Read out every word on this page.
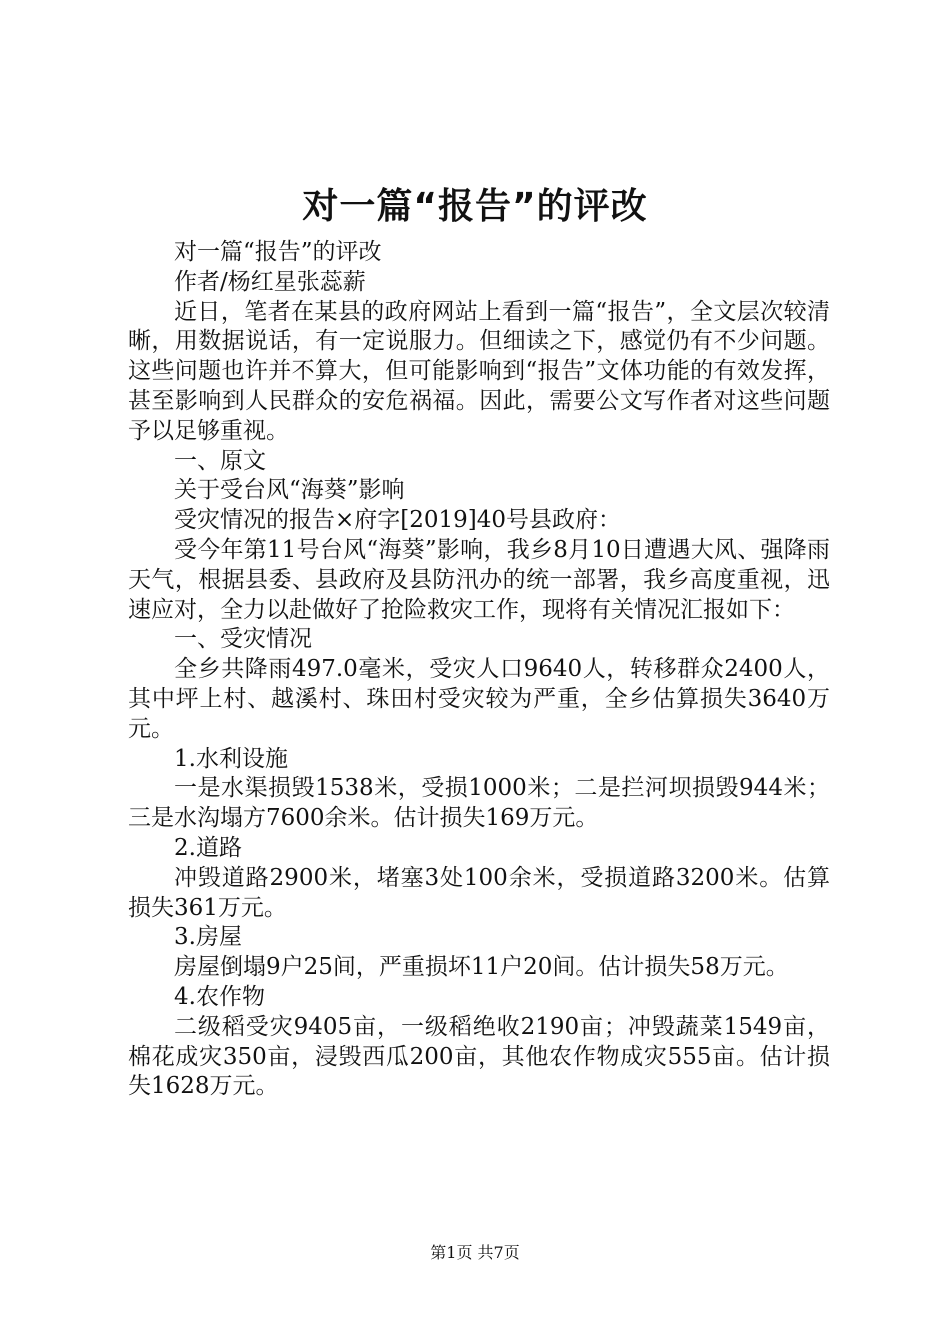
对一篇“报告”的评改

对一篇“报告”的评改

作者/杨红星张蕊薪

近日，笔者在某县的政府网站上看到一篇“报告”，全文层次较清晰，用数据说话，有一定说服力。但细读之下，感觉仍有不少问题。这些问题也许并不算大，但可能影响到“报告”文体功能的有效发挥，甚至影响到人民群众的安危祸福。因此，需要公文写作者对这些问题予以足够重视。

一、原文

关于受台风“海葵”影响

受灾情况的报告×府字[2019]40号县政府：

受今年第11号台风“海葵”影响，我乡8月10日遭遇大风、强降雨天气，根据县委、县政府及县防汛办的统一部署，我乡高度重视，迅速应对，全力以赴做好了抢险救灾工作，现将有关情况汇报如下：

一、受灾情况

全乡共降雨497.0毫米，受灾人口9640人，转移群众2400人，其中坪上村、越溪村、珠田村受灾较为严重，全乡估算损失3640万元。

1.水利设施

一是水渠损毁1538米，受损1000米；二是拦河坝损毁944米；三是水沟塌方7600余米。估计损失169万元。

2.道路

冲毁道路2900米，堵塞3处100余米，受损道路3200米。估算损失361万元。

3.房屋

房屋倒塌9户25间，严重损坏11户20间。估计损失58万元。

4.农作物

二级稻受灾9405亩，一级稻绝收2190亩；冲毁蔬菜1549亩，棉花成灾350亩，浸毁西瓜200亩，其他农作物成灾555亩。估计损失1628万元。

第1页 共7页
